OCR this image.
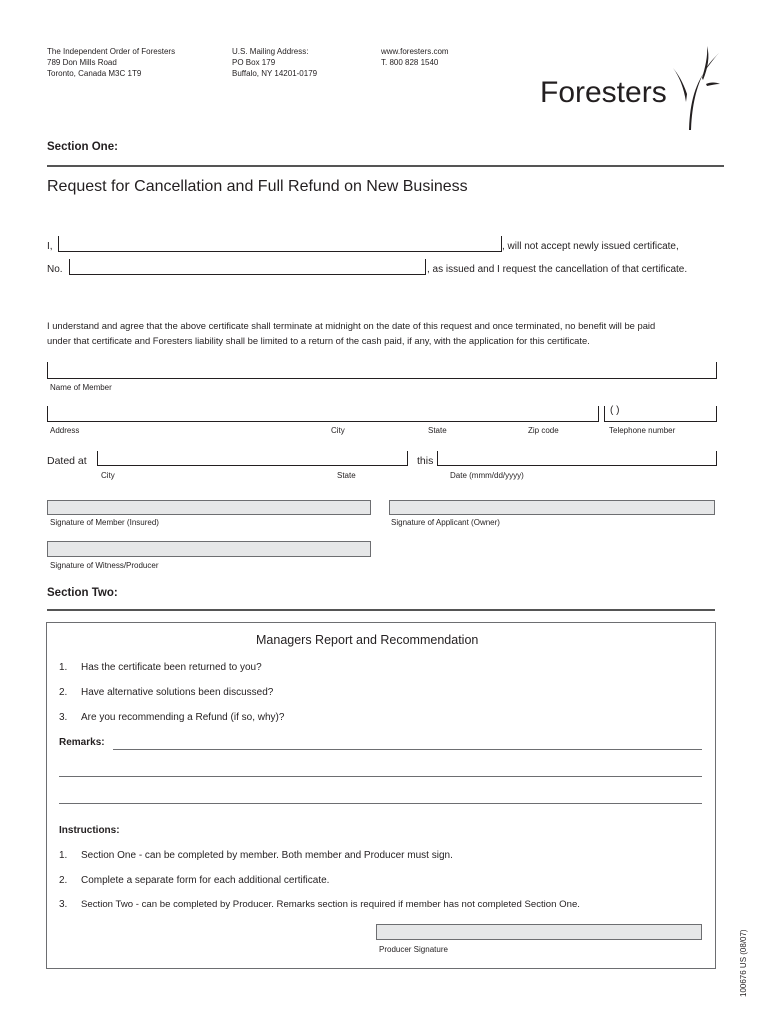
The Independent Order of Foresters
789 Don Mills Road
Toronto, Canada M3C 1T9
U.S. Mailing Address:
PO Box 179
Buffalo, NY 14201-0179
www.foresters.com
T. 800 828 1540
Foresters
Section One:
Request for Cancellation and Full Refund on New Business
I,	, will not accept newly issued certificate,
No.	, as issued and I request the cancellation of that certificate.
I understand and agree that the above certificate shall terminate at midnight on the date of this request and once terminated, no benefit will be paid
under that certificate and Foresters liability shall be limited to a return of the cash paid, if any, with the application for this certificate.
Name of Member
( )
Address	City	State	Zip code	Telephone number
Dated at	this
City	State	Date (mmm/dd/yyyy)
Signature of Member (Insured)	Signature of Applicant (Owner)
Signature of Witness/Producer
Section Two:
Managers Report and Recommendation
1. Has the certificate been returned to you?
2. Have alternative solutions been discussed?
3. Are you recommending a Refund (if so, why)?
Remarks:
Instructions:
1. Section One - can be completed by member. Both member and Producer must sign.
2. Complete a separate form for each additional certificate.
3. Section Two - can be completed by Producer. Remarks section is required if member has not completed Section One.
Producer Signature	100676 US (08/07)
